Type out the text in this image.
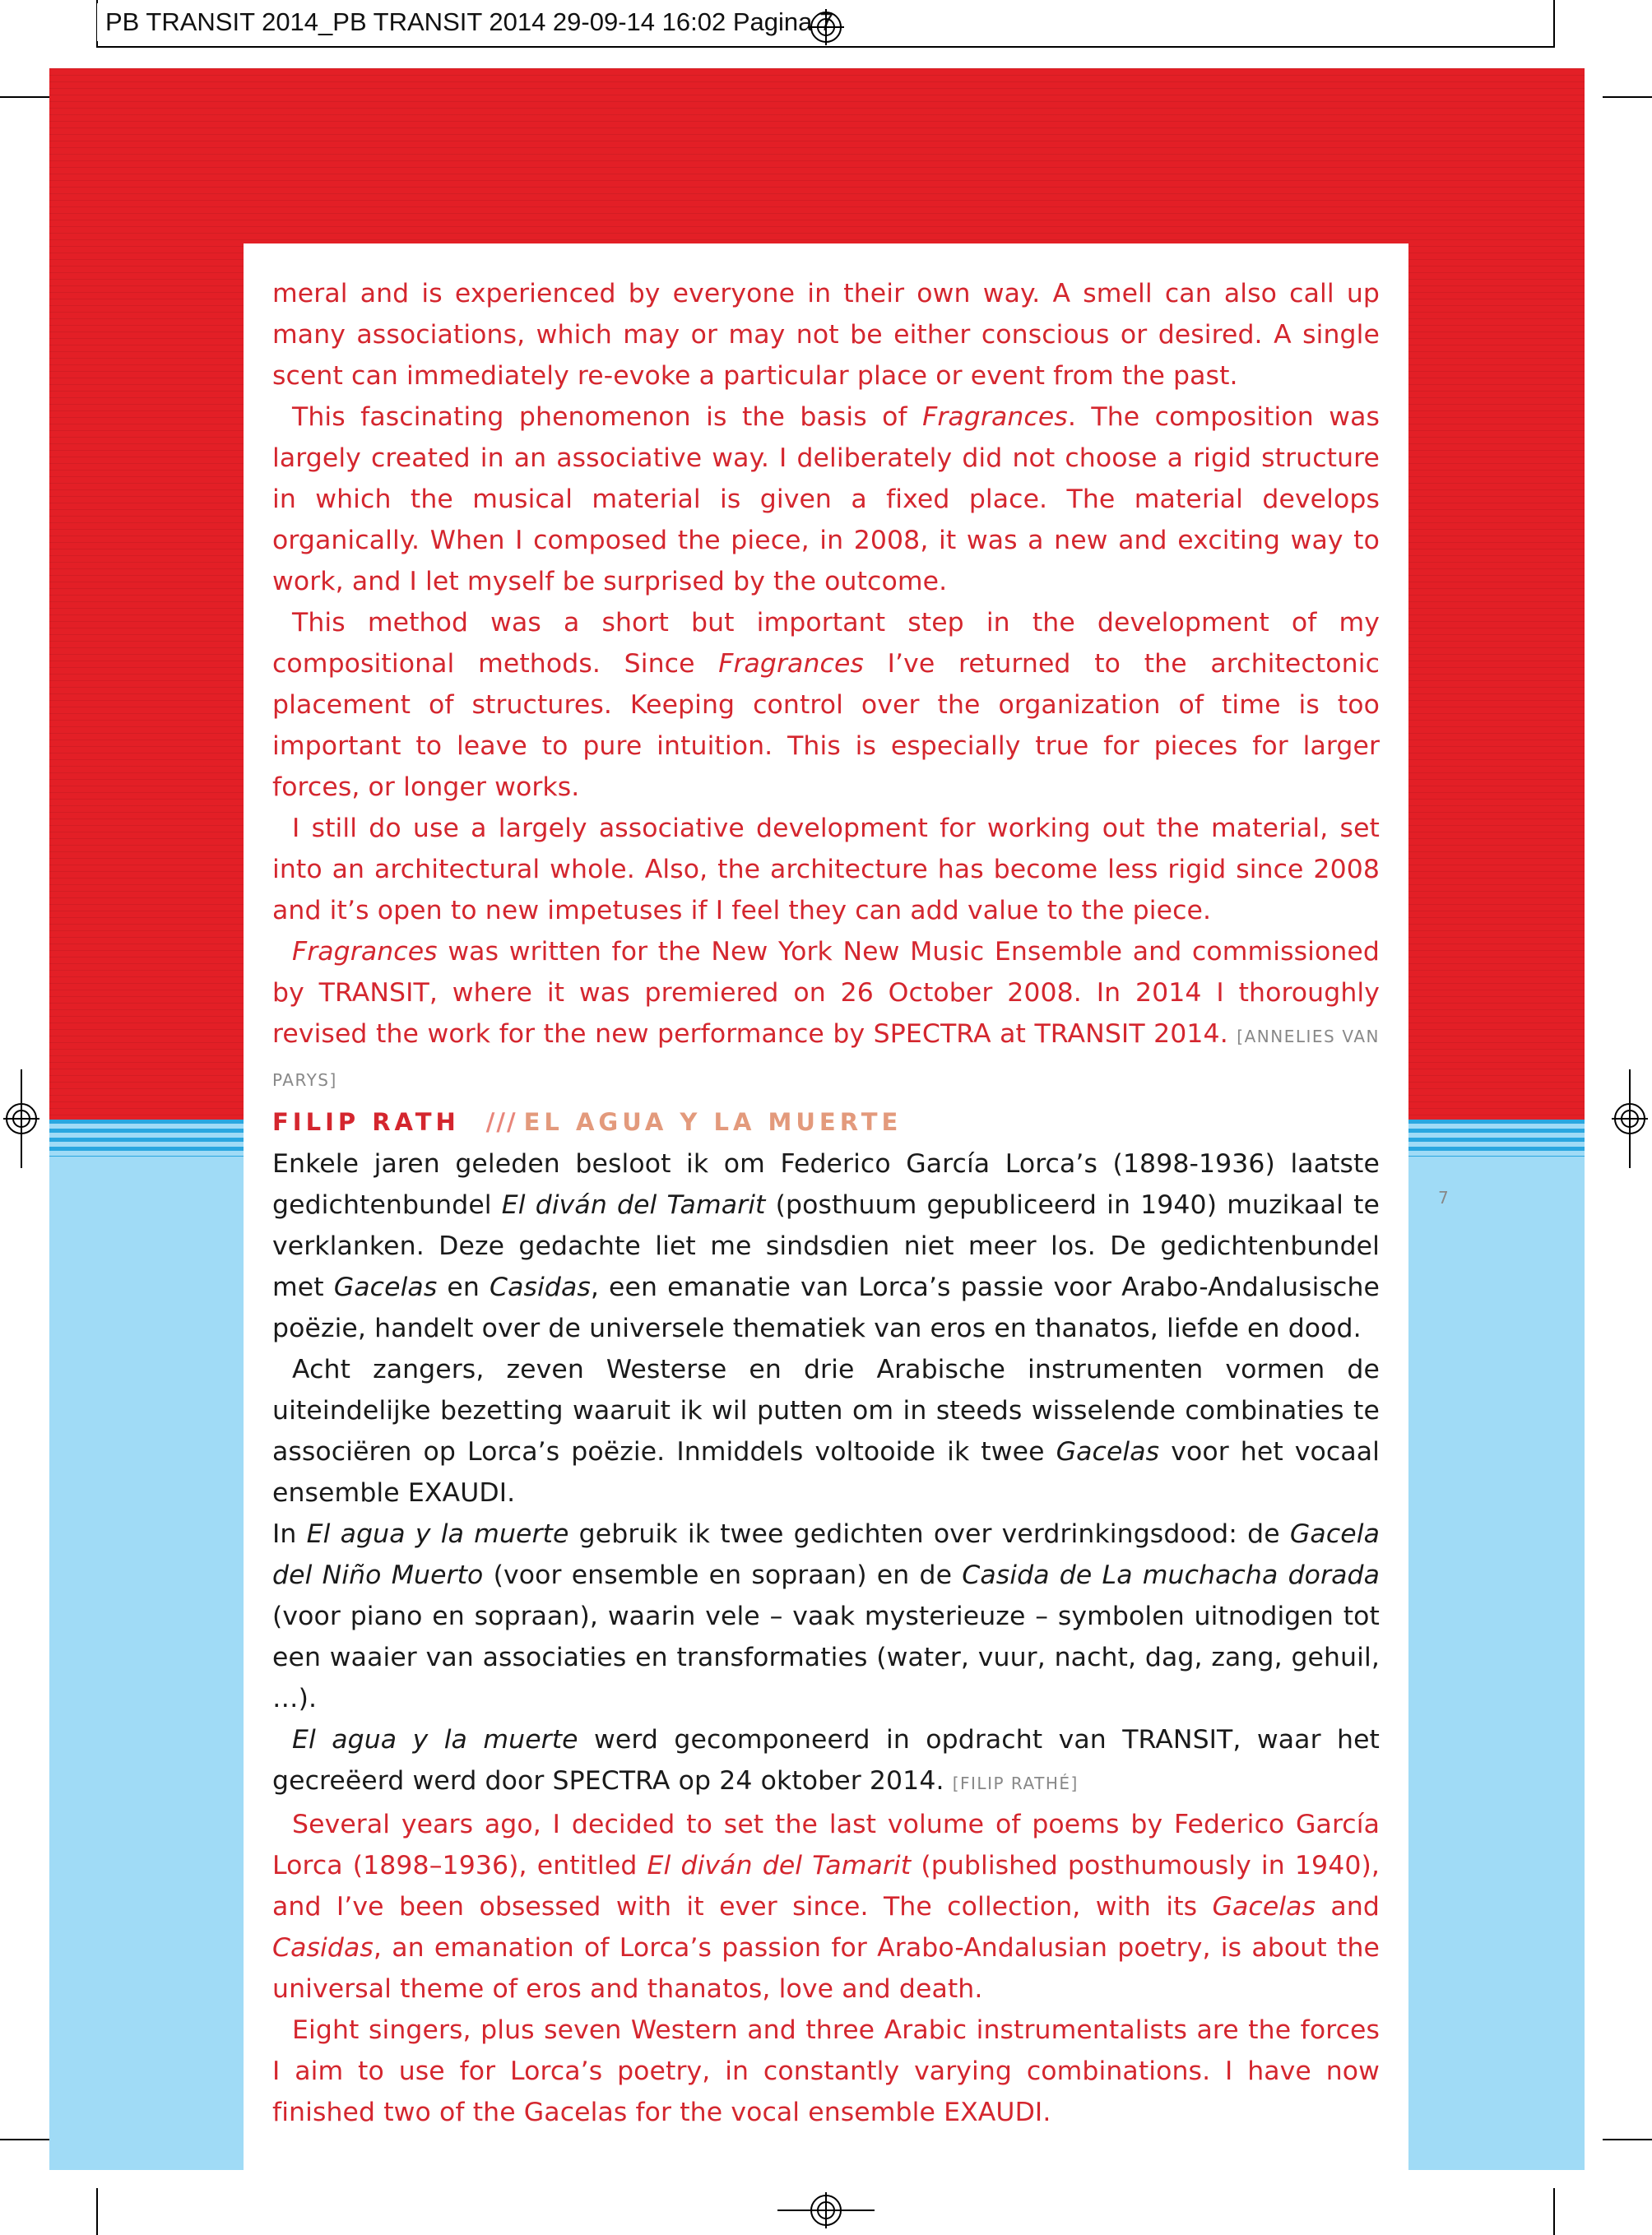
PB TRANSIT 2014_PB TRANSIT 2014 29-09-14 16:02 Pagina 7
7

meral and is experienced by everyone in their own way. A smell can also call up many associations, which may or may not be either conscious or desired. A single scent can immediately re-evoke a particular place or event from the past.

This fascinating phenomenon is the basis of Fragrances. The composition was largely created in an associative way. I deliberately did not choose a rigid structure in which the musical material is given a fixed place. The material develops organically. When I composed the piece, in 2008, it was a new and exciting way to work, and I let myself be surprised by the outcome.

This method was a short but important step in the development of my compositional methods. Since Fragrances I’ve returned to the architectonic placement of structures. Keeping control over the organization of time is too important to leave to pure intuition. This is especially true for pieces for larger forces, or longer works.

I still do use a largely associative development for working out the material, set into an architectural whole. Also, the architecture has become less rigid since 2008 and it’s open to new impetuses if I feel they can add value to the piece.

Fragrances was written for the New York New Music Ensemble and commissioned by TRANSIT, where it was premiered on 26 October 2008. In 2014 I thoroughly revised the work for the new performance by SPECTRA at TRANSIT 2014. [ANNELIES VAN PARYS]

FILIP RATH /// EL AGUA Y LA MUERTE

Enkele jaren geleden besloot ik om Federico García Lorca’s (1898-1936) laatste gedichtenbundel El diván del Tamarit (posthuum gepubliceerd in 1940) muzikaal te verklanken. Deze gedachte liet me sindsdien niet meer los. De gedichtenbundel met Gacelas en Casidas, een emanatie van Lorca’s passie voor Arabo-Andalusische poëzie, handelt over de universele thematiek van eros en thanatos, liefde en dood.

Acht zangers, zeven Westerse en drie Arabische instrumenten vormen de uiteindelijke bezetting waaruit ik wil putten om in steeds wisselende combinaties te associëren op Lorca’s poëzie. Inmiddels voltooide ik twee Gacelas voor het vocaal ensemble EXAUDI.

In El agua y la muerte gebruik ik twee gedichten over verdrinkingsdood: de Gacela del Niño Muerto (voor ensemble en sopraan) en de Casida de La muchacha dorada (voor piano en sopraan), waarin vele – vaak mysterieuze – symbolen uitnodigen tot een waaier van associaties en transformaties (water, vuur, nacht, dag, zang, gehuil, …).

El agua y la muerte werd gecomponeerd in opdracht van TRANSIT, waar het gecreëerd werd door SPECTRA op 24 oktober 2014. [FILIP RATHÉ]

Several years ago, I decided to set the last volume of poems by Federico García Lorca (1898–1936), entitled El diván del Tamarit (published posthumously in 1940), and I’ve been obsessed with it ever since. The collection, with its Gacelas and Casidas, an emanation of Lorca’s passion for Arabo-Andalusian poetry, is about the universal theme of eros and thanatos, love and death.

Eight singers, plus seven Western and three Arabic instrumentalists are the forces I aim to use for Lorca’s poetry, in constantly varying combinations. I have now finished two of the Gacelas for the vocal ensemble EXAUDI.
